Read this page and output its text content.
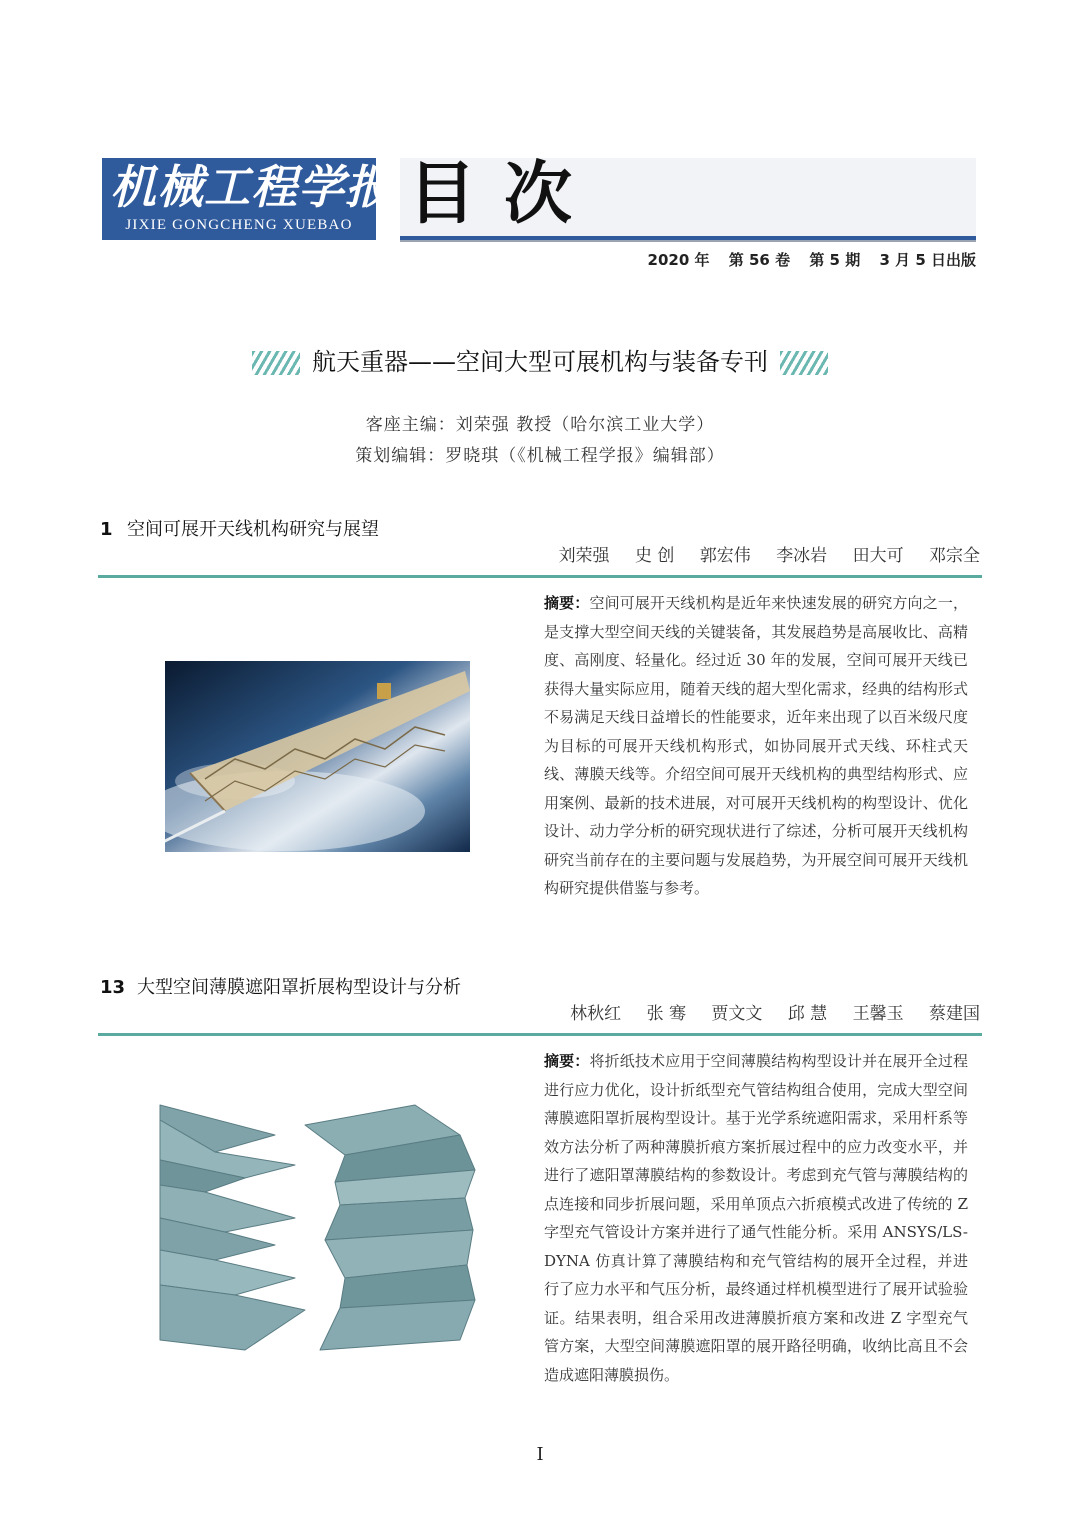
机械工程学报
JIXIE GONGCHENG XUEBAO 目次
2020 年 第 56 卷 第 5 期 3 月 5 日出版
航天重器——空间大型可展机构与装备专刊
客座主编：刘荣强 教授（哈尔滨工业大学）
策划编辑：罗晓琪（《机械工程学报》编辑部）
1 空间可展开天线机构研究与展望
刘荣强 史 创 郭宏伟 李冰岩 田大可 邓宗全
摘要：空间可展开天线机构是近年来快速发展的研究方向之一，是支撑大型空间天线的关键装备，其发展趋势是高展收比、高精度、高刚度、轻量化。经过近 30 年的发展，空间可展开天线已获得大量实际应用，随着天线的超大型化需求，经典的结构形式不易满足天线日益增长的性能要求，近年来出现了以百米级尺度为目标的可展开天线机构形式，如协同展开式天线、环柱式天线、薄膜天线等。介绍空间可展开天线机构的典型结构形式、应用案例、最新的技术进展，对可展开天线机构的构型设计、优化设计、动力学分析的研究现状进行了综述，分析可展开天线机构研究当前存在的主要问题与发展趋势，为开展空间可展开天线机构研究提供借鉴与参考。
13 大型空间薄膜遮阳罩折展构型设计与分析
林秋红 张 骞 贾文文 邱 慧 王馨玉 蔡建国
摘要：将折纸技术应用于空间薄膜结构构型设计并在展开全过程进行应力优化，设计折纸型充气管结构组合使用，完成大型空间薄膜遮阳罩折展构型设计。基于光学系统遮阳需求，采用杆系等效方法分析了两种薄膜折痕方案折展过程中的应力改变水平，并进行了遮阳罩薄膜结构的参数设计。考虑到充气管与薄膜结构的点连接和同步折展问题，采用单顶点六折痕模式改进了传统的 Z 字型充气管设计方案并进行了通气性能分析。采用 ANSYS/LS-DYNA 仿真计算了薄膜结构和充气管结构的展开全过程，并进行了应力水平和气压分析，最终通过样机模型进行了展开试验验证。结果表明，组合采用改进薄膜折痕方案和改进 Z 字型充气管方案，大型空间薄膜遮阳罩的展开路径明确，收纳比高且不会造成遮阳薄膜损伤。
I
